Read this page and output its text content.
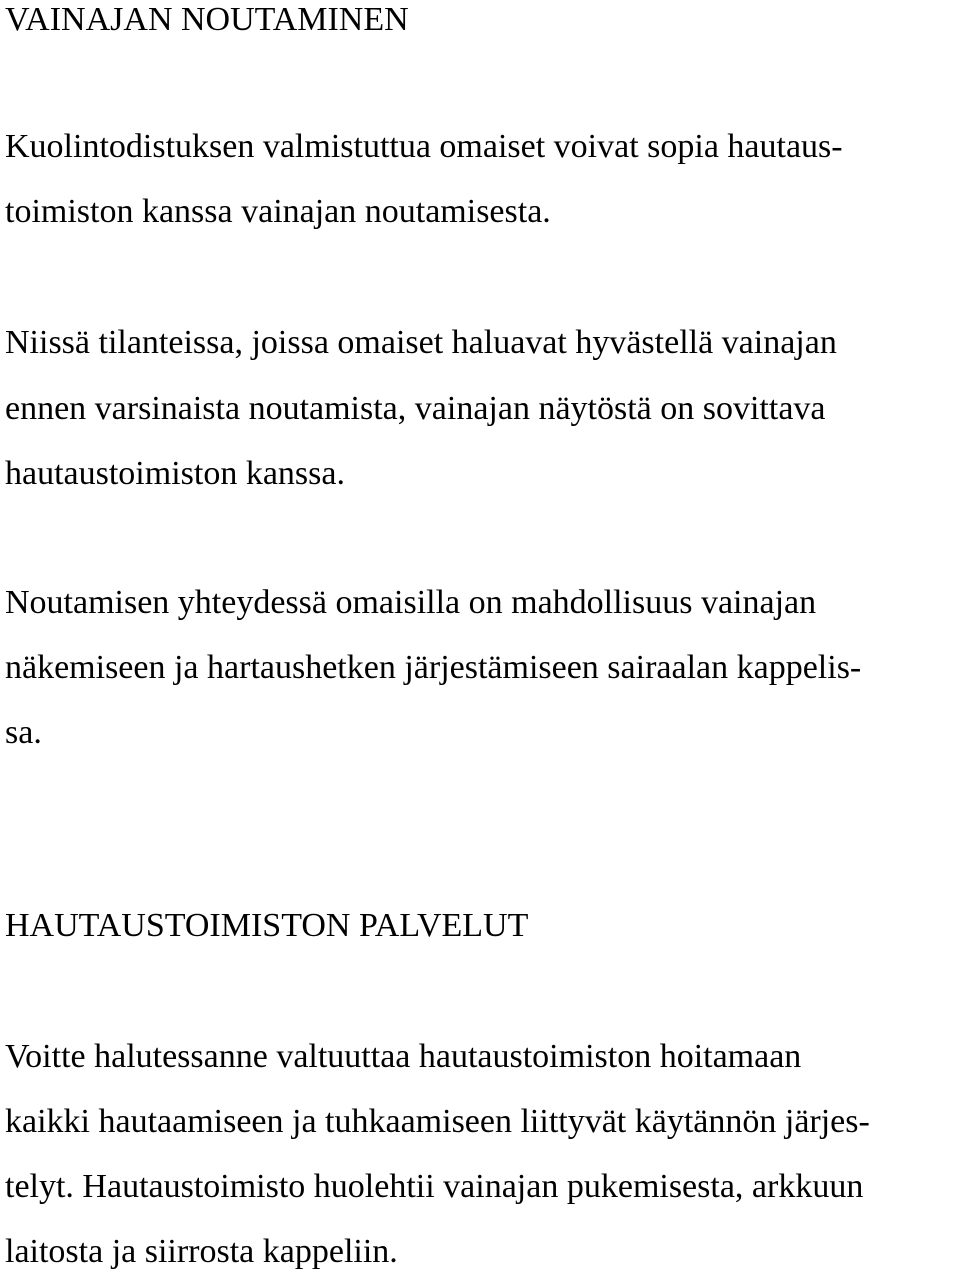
VAINAJAN NOUTAMINEN

Kuolintodistuksen valmistuttua omaiset voivat sopia hautaus-

toimiston kanssa vainajan noutamisesta.

Niissä tilanteissa, joissa omaiset haluavat hyvästellä vainajan

ennen varsinaista noutamista, vainajan näytöstä on sovittava

hautaustoimiston kanssa.

Noutamisen yhteydessä omaisilla on mahdollisuus vainajan

näkemiseen ja hartaushetken järjestämiseen sairaalan kappelis-

sa.

HAUTAUSTOIMISTON PALVELUT

Voitte halutessanne valtuuttaa hautaustoimiston hoitamaan

kaikki hautaamiseen ja tuhkaamiseen liittyvät käytännön järjes-

telyt. Hautaustoimisto huolehtii vainajan pukemisesta, arkkuun

laitosta ja siirrosta kappeliin.
